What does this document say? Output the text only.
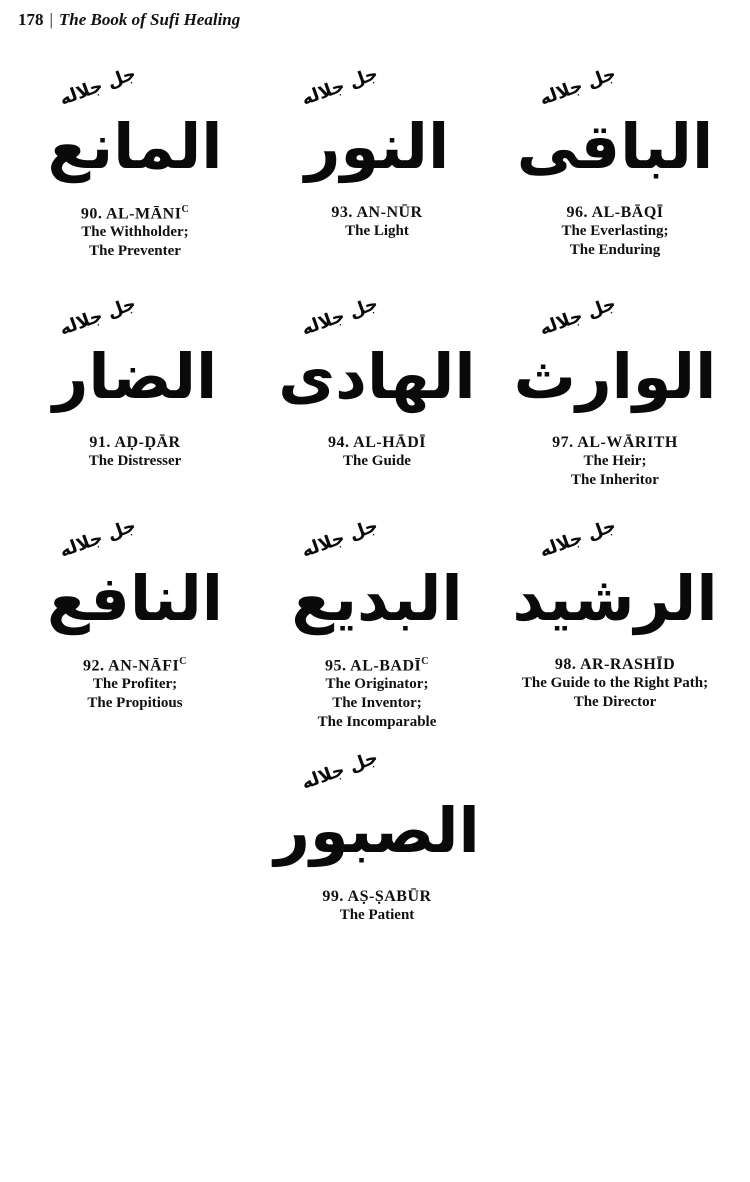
178 | The Book of Sufi Healing
جل جلاله
المانع
90. $AL-MĀNI^C$
The Withholder;
The Preventer
جل جلاله
النور
93. AN-NŪR
The Light
جل جلاله
الباقى
96. AL-BĀQĪ
The Everlasting;
The Enduring
جل جلاله
الضار
91. AḌ-ḌĀR
The Distresser
جل جلاله
الهادى
94. AL-HĀDĪ
The Guide
جل جلاله
الوارث
97. AL-WĀRITH
The Heir;
The Inheritor
جل جلاله
النافع
92. $AN-NĀFI^C$
The Profiter;
The Propitious
جل جلاله
البديع
95. $AL-BADĪ^C$
The Originator;
The Inventor;
The Incomparable
جل جلاله
الرشيد
98. AR-RASHĪD
The Guide to the Right Path;
The Director
جل جلاله
الصبور
99. AṢ-ṢABŪR
The Patient
